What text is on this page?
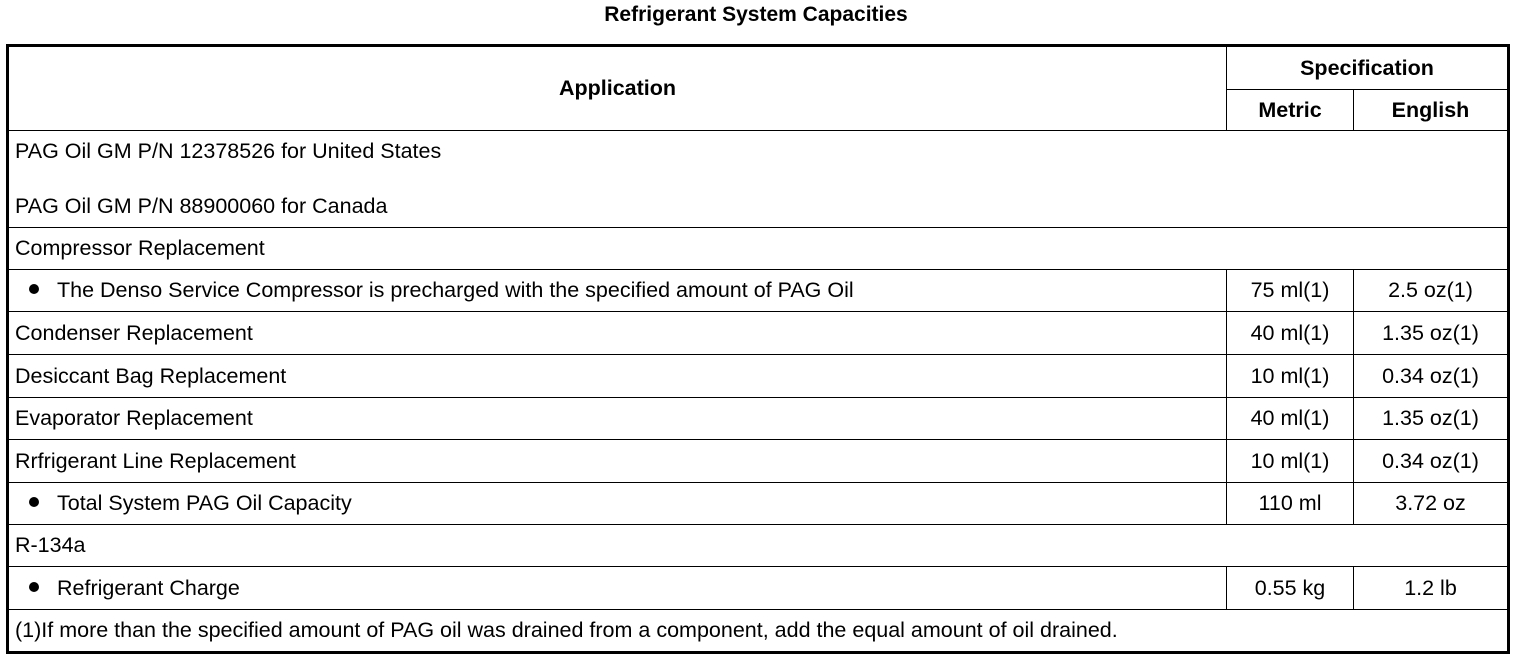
Refrigerant System Capacities
Application	Specification	
	Metric	English

PAG Oil GM P/N 12378526 for United States
PAG Oil GM P/N 88900060 for Canada		

Compressor Replacement		
The Denso Service Compressor is precharged with the specified amount of PAG Oil	75 ml(1)	2.5 oz(1)
Condenser Replacement	40 ml(1)	1.35 oz(1)
Desiccant Bag Replacement	10 ml(1)	0.34 oz(1)
Evaporator Replacement	40 ml(1)	1.35 oz(1)
Rrfrigerant Line Replacement	10 ml(1)	0.34 oz(1)
Total System PAG Oil Capacity	110 ml	3.72 oz
R-134a		
Refrigerant Charge	0.55 kg	1.2 lb
(1)If more than the specified amount of PAG oil was drained from a component, add the equal amount of oil drained.		
